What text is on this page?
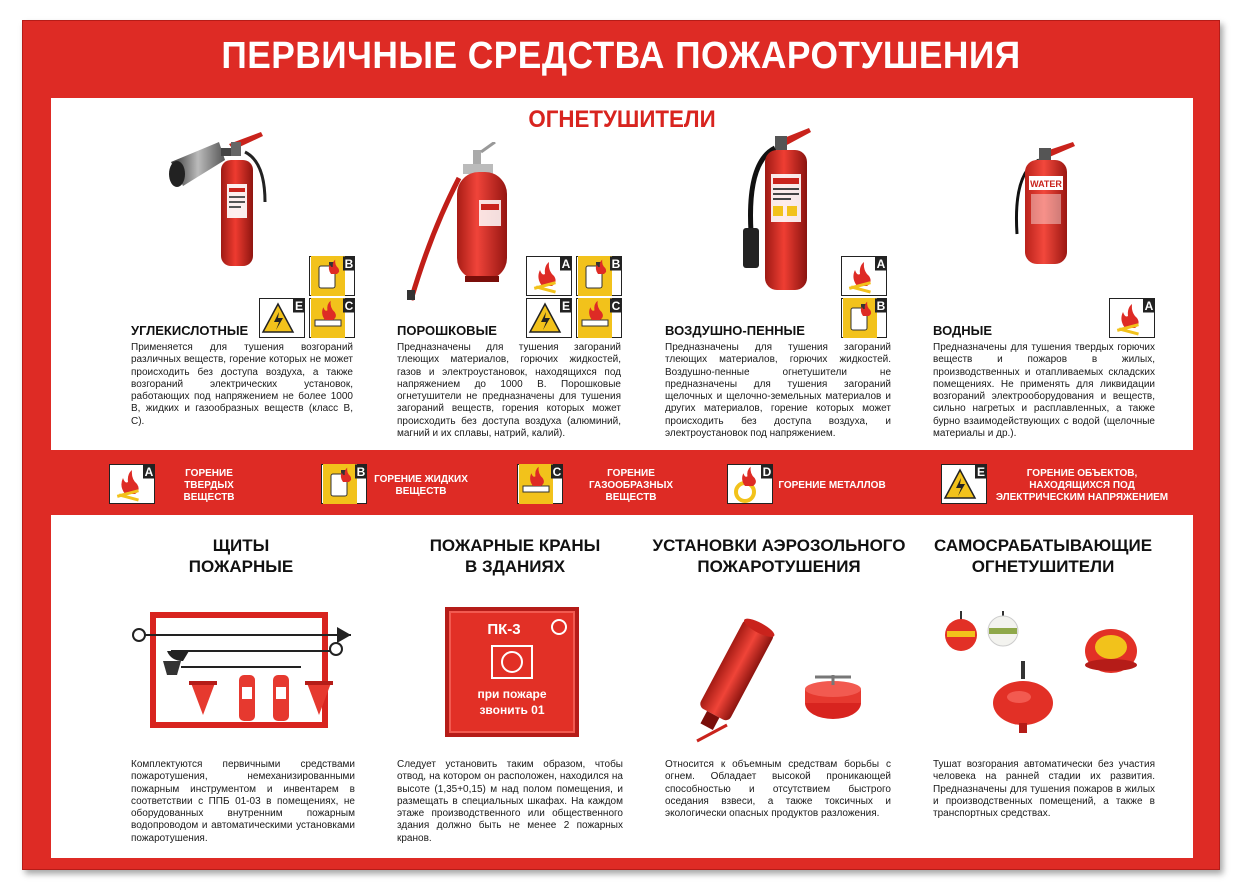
ПЕРВИЧНЫЕ СРЕДСТВА ПОЖАРОТУШЕНИЯ
ОГНЕТУШИТЕЛИ
B
E	C
УГЛЕКИСЛОТНЫЕ
Применяется для тушения возгораний различных веществ, горение которых не может происходить без доступа воздуха, а также возгораний электрических установок, работающих под напряжением не более 1000 В, жидких и газообразных веществ (класс B, C).
A	B
E	C
ПОРОШКОВЫЕ
Предназначены для тушения загораний тлеющих материалов, горючих жидкостей, газов и электроустановок, находящихся под напряжением до 1000 В. Порошковые огнетушители не предназначены для тушения загораний веществ, горения которых может происходить без доступа воздуха (алюминий, магний и их сплавы, натрий, калий).
A
B
ВОЗДУШНО-ПЕННЫЕ
Предназначены для тушения загораний тлеющих материалов, горючих жидкостей. Воздушно-пенные огнетушители не предназначены для тушения загораний щелочных и щелочно-земельных материалов и других материалов, горение которых может происходить без доступа воздуха, и электроустановок под напряжением.
WATER
A
ВОДНЫЕ
Предназначены для тушения твердых горючих веществ и пожаров в жилых, производственных и отапливаемых складских помещениях. Не применять для ликвидации возгораний электрооборудования и веществ, сильно нагретых и расплавленных, а также бурно взаимодействующих с водой (щелочные материалы и др.).
A	ГОРЕНИЕ ТВЕРДЫХ ВЕЩЕСТВ
B
ГОРЕНИЕ ЖИДКИХ ВЕЩЕСТВ
C	ГОРЕНИЕ ГАЗООБРАЗНЫХ ВЕЩЕСТВ
D
ГОРЕНИЕ МЕТАЛЛОВ
E	ГОРЕНИЕ ОБЪЕКТОВ, НАХОДЯЩИХСЯ ПОД ЭЛЕКТРИЧЕСКИМ НАПРЯЖЕНИЕМ
ЩИТЫ
ПОЖАРНЫЕ
Комплектуются первичными средствами пожаротушения, немеханизированными пожарным инструментом и инвентарем в соответствии с ППБ 01-03 в помещениях, не оборудованных внутренним пожарным водопроводом и автоматическими установками пожаротушения.
ПОЖАРНЫЕ КРАНЫ
В ЗДАНИЯХ
ПК-3
при пожаре
звонить 01
Следует установить таким образом, чтобы отвод, на котором он расположен, находился на высоте (1,35+0,15) м над полом помещения, и размещать в специальных шкафах. На каждом этаже производственного или общественного здания должно быть не менее 2 пожарных кранов.
УСТАНОВКИ АЭРОЗОЛЬНОГО
ПОЖАРОТУШЕНИЯ
Относится к объемным средствам борьбы с огнем. Обладает высокой проникающей способностью и отсутствием быстрого оседания взвеси, а также токсичных и экологически опасных продуктов разложения.
САМОСРАБАТЫВАЮЩИЕ
ОГНЕТУШИТЕЛИ
Тушат возгорания автоматически без участия человека на ранней стадии их развития. Предназначены для тушения пожаров в жилых и производственных помещений, а также в транспортных средствах.
